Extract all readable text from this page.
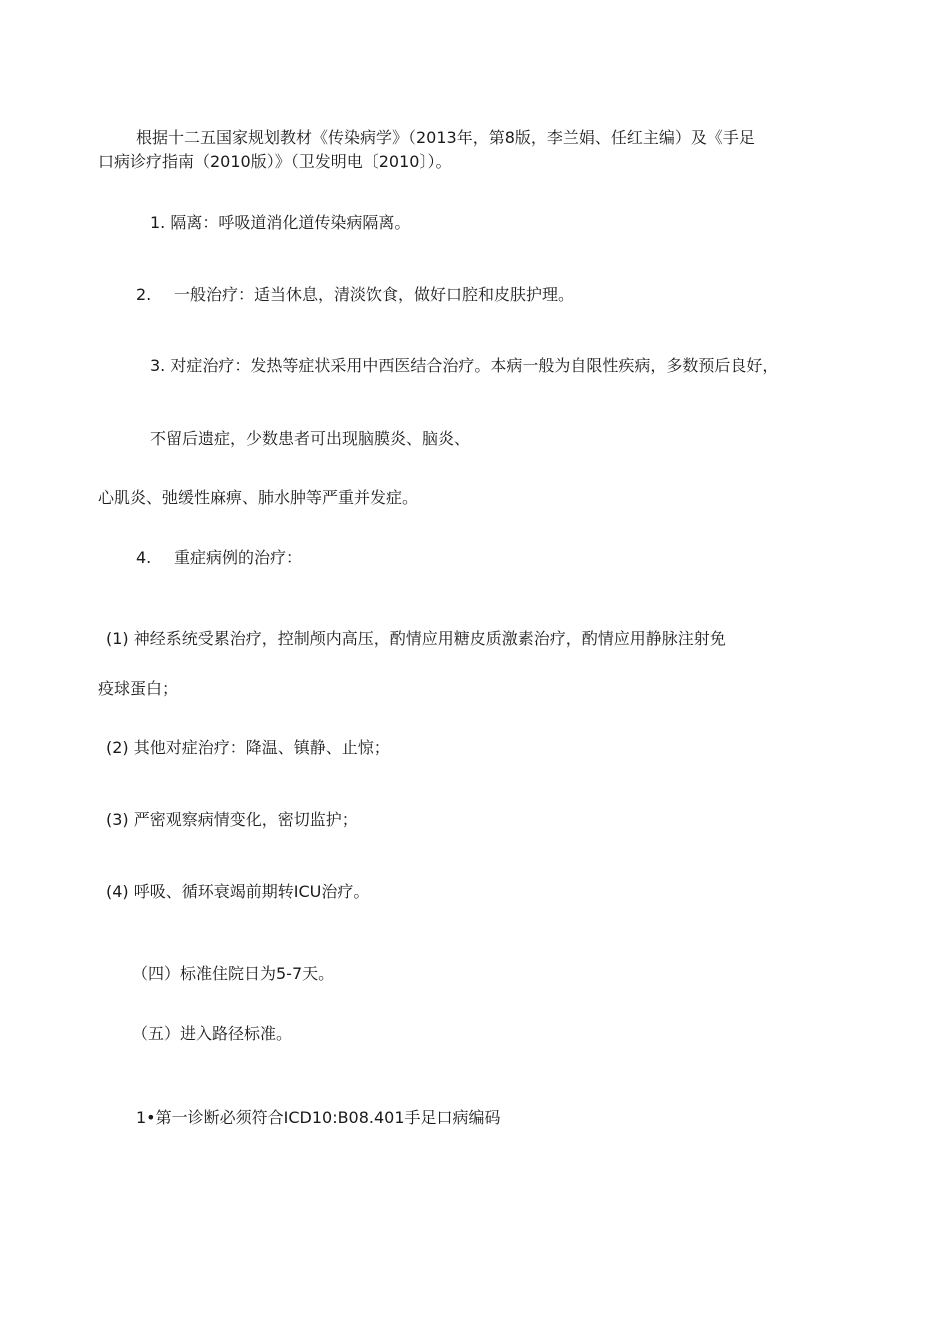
根据十二五国家规划教材《传染病学》（2013年，第8版，李兰娟、任红主编）及《手足
口病诊疗指南（2010版）》（卫发明电〔2010〕）。
1. 隔离：呼吸道消化道传染病隔离。
2. 一般治疗：适当休息，清淡饮食，做好口腔和皮肤护理。
3. 对症治疗：发热等症状采用中西医结合治疗。本病一般为自限性疾病，多数预后良好，
不留后遗症，少数患者可出现脑膜炎、脑炎、
心肌炎、弛缓性麻痹、肺水肿等严重并发症。
4. 重症病例的治疗：
(1) 神经系统受累治疗，控制颅内高压，酌情应用糖皮质激素治疗，酌情应用静脉注射免
疫球蛋白；
(2) 其他对症治疗：降温、镇静、止惊；
(3) 严密观察病情变化，密切监护；
(4) 呼吸、循环衰竭前期转ICU治疗。
（四）标准住院日为5-7天。
（五）进入路径标准。
1•第一诊断必须符合ICD10:B08.401手足口病编码
